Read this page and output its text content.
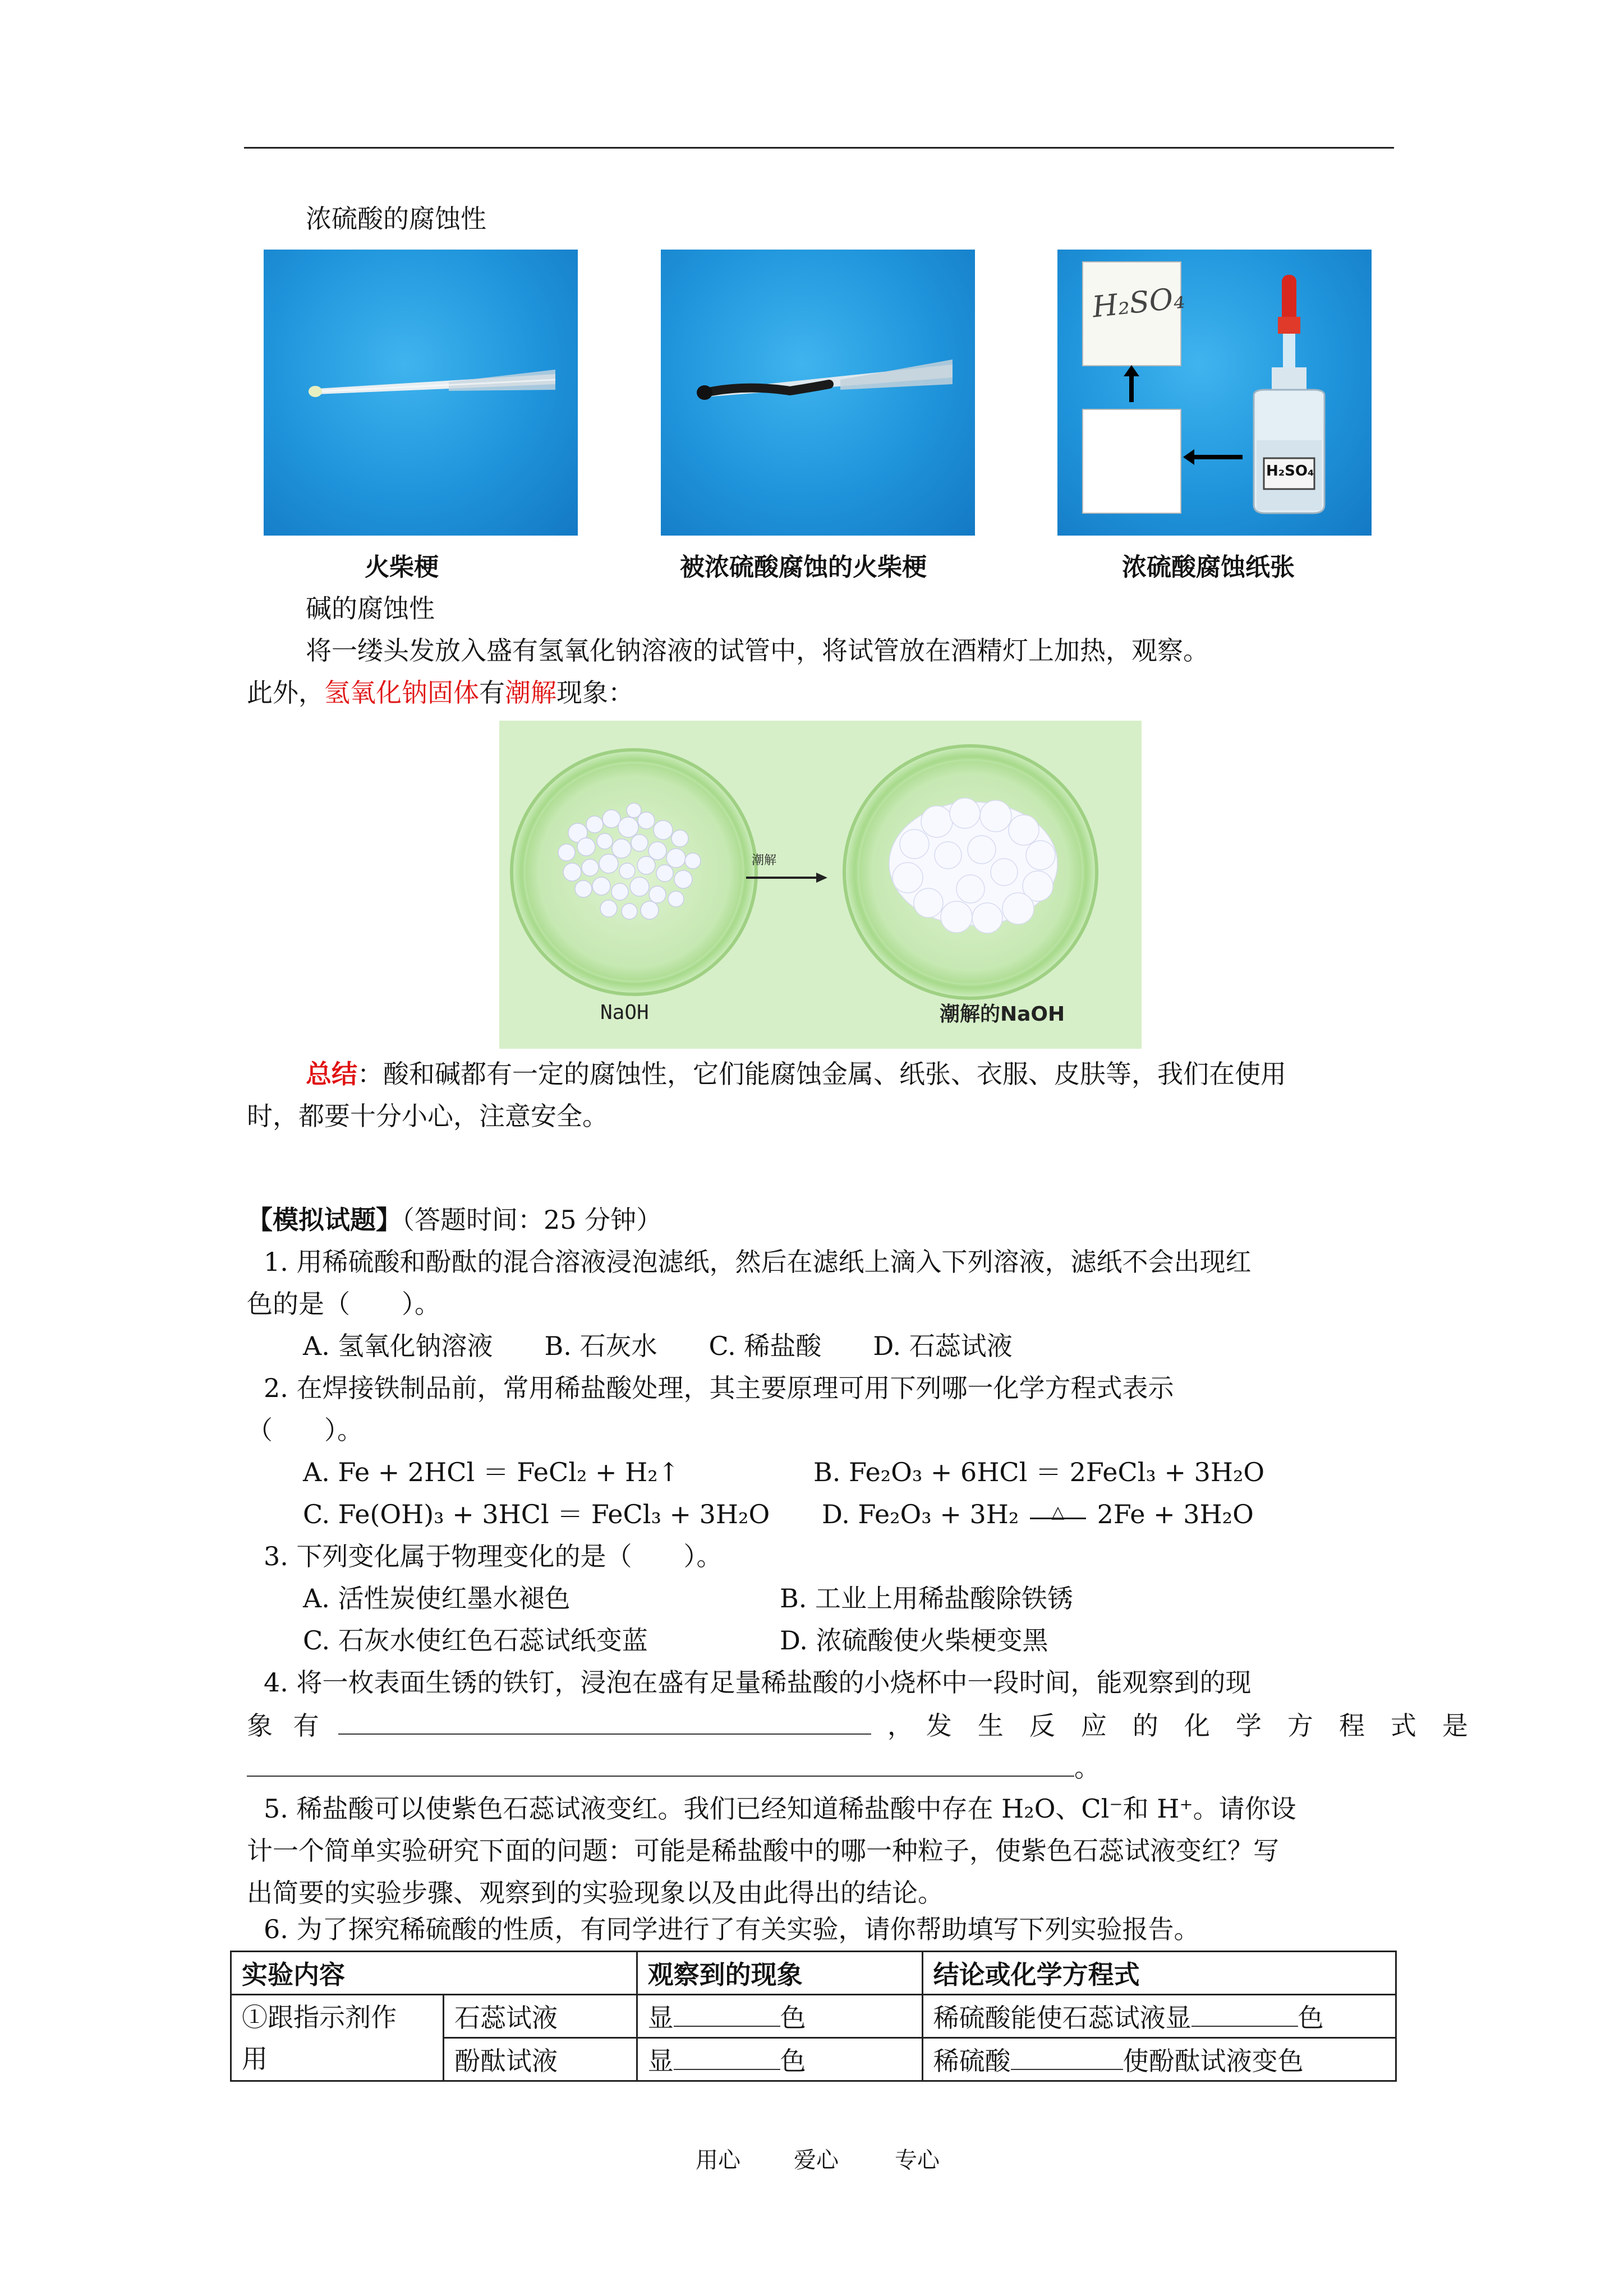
浓硫酸的腐蚀性
H₂SO₄
H₂SO₄
火柴梗	被浓硫酸腐蚀的火柴梗	浓硫酸腐蚀纸张
碱的腐蚀性
将一缕头发放入盛有氢氧化钠溶液的试管中，将试管放在酒精灯上加热，观察。
此外，氢氧化钠固体有潮解现象：
潮解
NaOH	潮解的NaOH
总结：酸和碱都有一定的腐蚀性，它们能腐蚀金属、纸张、衣服、皮肤等，我们在使用
时，都要十分小心，注意安全。
【模拟试题】（答题时间：25 分钟）
1. 用稀硫酸和酚酞的混合溶液浸泡滤纸，然后在滤纸上滴入下列溶液，滤纸不会出现红
色的是（　　）。
A. 氢氧化钠溶液　　B. 石灰水　　C. 稀盐酸　　D. 石蕊试液
2. 在焊接铁制品前，常用稀盐酸处理，其主要原理可用下列哪一化学方程式表示
（　　）。
A. Fe + 2HCl ＝ FeCl₂ + H₂↑	B. Fe₂O₃ + 6HCl ＝ 2FeCl₃ + 3H₂O
C. Fe(OH)₃ + 3HCl ＝ FeCl₃ + 3H₂O D. Fe₂O₃ + 3H₂ △ 2Fe + 3H₂O
3. 下列变化属于物理变化的是（　　）。
A. 活性炭使红墨水褪色	B. 工业上用稀盐酸除铁锈
C. 石灰水使红色石蕊试纸变蓝	D. 浓硫酸使火柴梗变黑
4. 将一枚表面生锈的铁钉，浸泡在盛有足量稀盐酸的小烧杯中一段时间，能观察到的现
象 有	，　发　生　反　应　的　化　学　方　程　式　是
。
5. 稀盐酸可以使紫色石蕊试液变红。我们已经知道稀盐酸中存在 H₂O、Cl⁻和 H⁺。请你设
计一个简单实验研究下面的问题：可能是稀盐酸中的哪一种粒子，使紫色石蕊试液变红？写
出简要的实验步骤、观察到的实验现象以及由此得出的结论。
6. 为了探究稀硫酸的性质，有同学进行了有关实验，请你帮助填写下列实验报告。
实验内容		观察到的现象	结论或化学方程式
①跟指示剂作
用	石蕊试液	显 色	稀硫酸能使石蕊试液显 色
	酚酞试液	显 色	稀硫酸 使酚酞试液变色
用心 爱心	专心
